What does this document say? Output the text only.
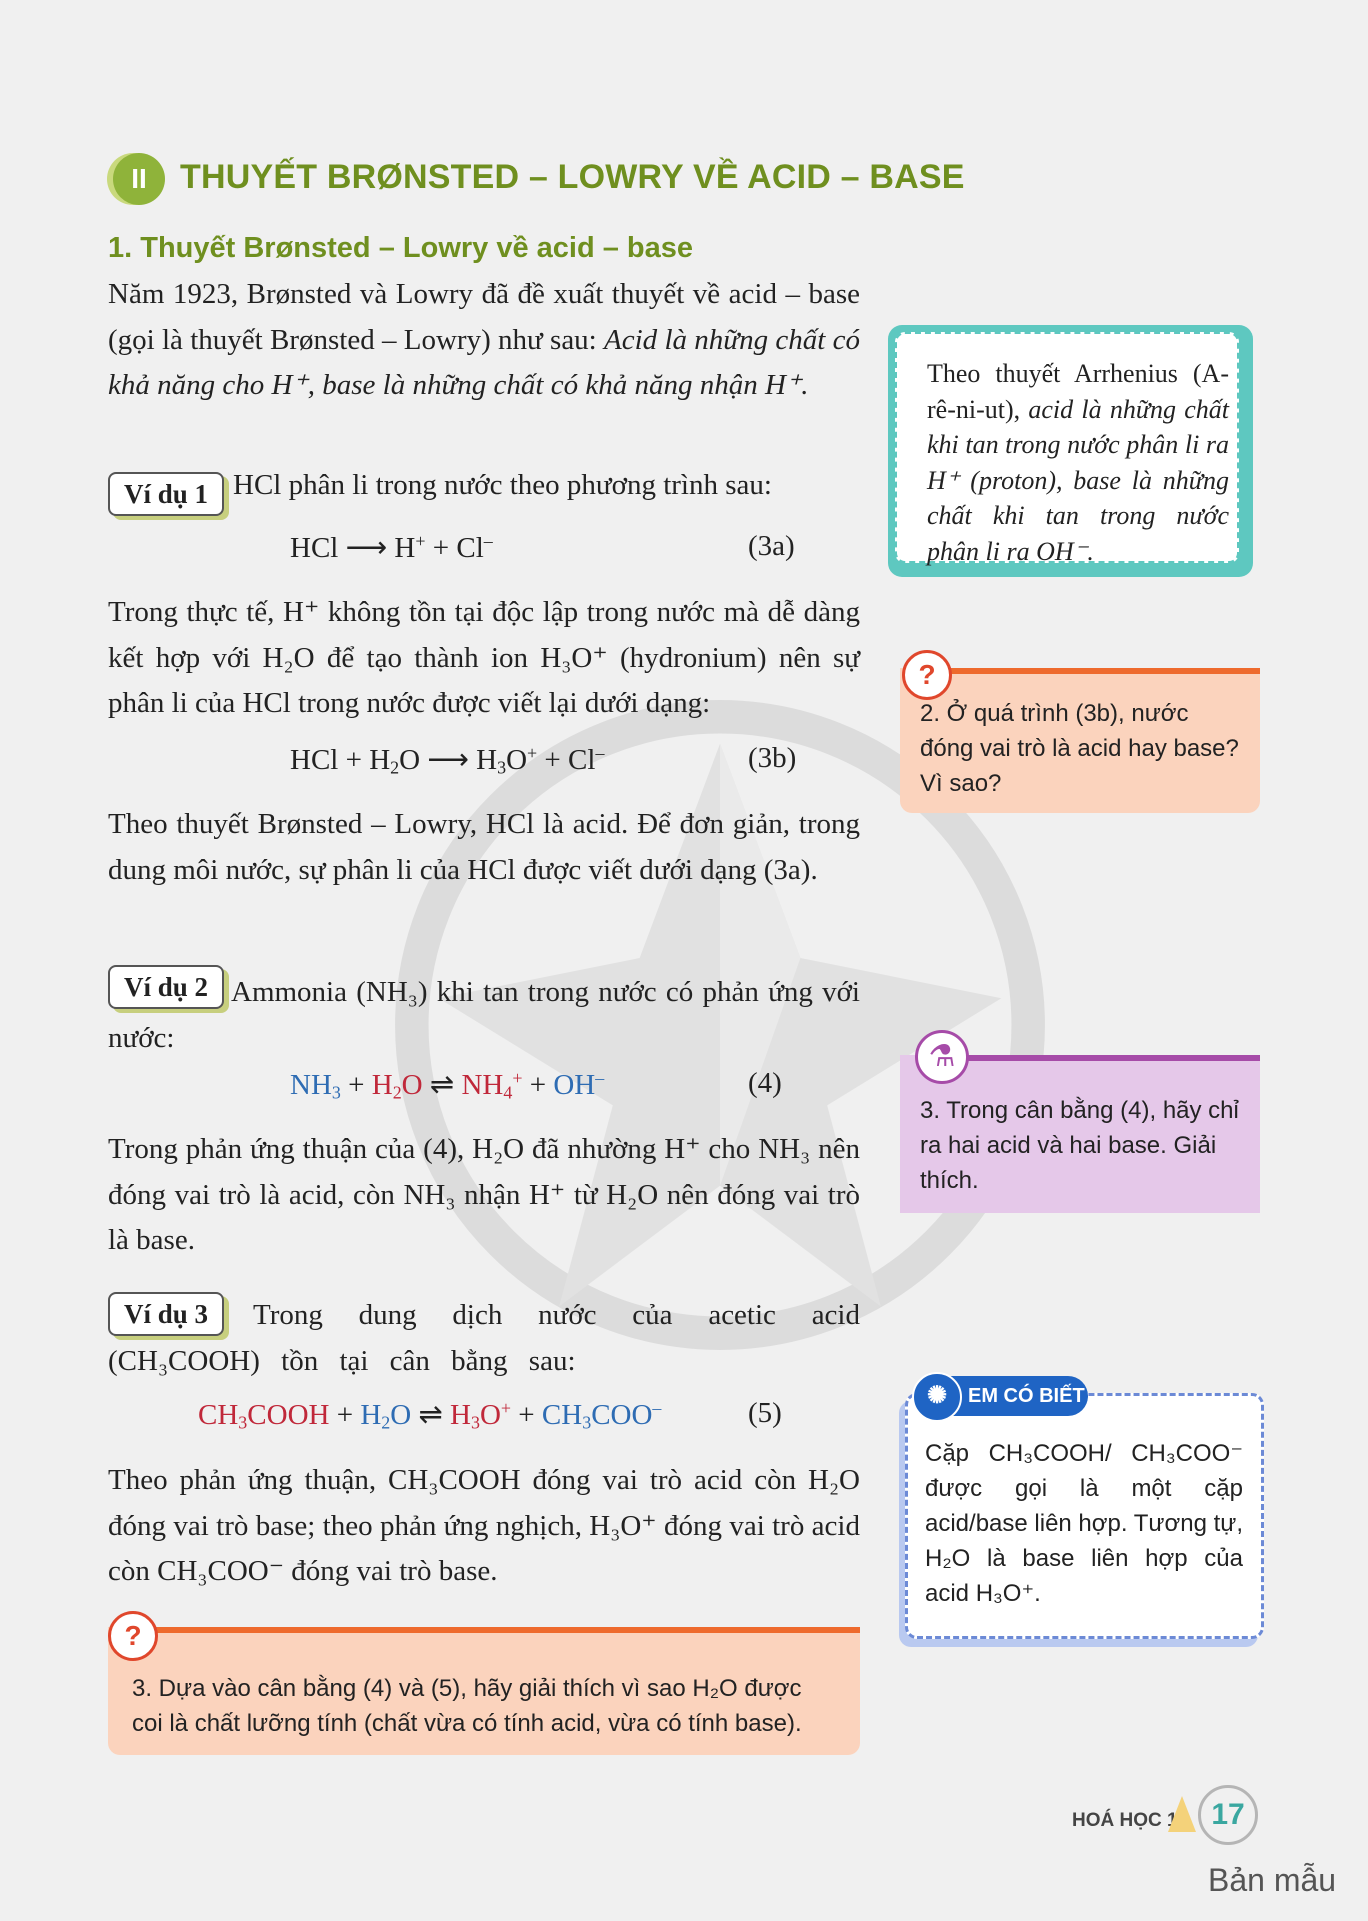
II THUYẾT BRØNSTED – LOWRY VỀ ACID – BASE
1. Thuyết Brønsted – Lowry về acid – base
Năm 1923, Brønsted và Lowry đã đề xuất thuyết về acid – base (gọi là thuyết Brønsted – Lowry) như sau: Acid là những chất có khả năng cho H⁺, base là những chất có khả năng nhận H⁺.
Ví dụ 1 HCl phân li trong nước theo phương trình sau:
HCl ⟶ H+ + Cl–	(3a)
Trong thực tế, H⁺ không tồn tại độc lập trong nước mà dễ dàng kết hợp với H₂O để tạo thành ion H₃O⁺ (hydronium) nên sự phân li của HCl trong nước được viết lại dưới dạng:
HCl + $H_2O$ ⟶ $H_3O^+ + Cl^-$	(3b)
Theo thuyết Brønsted – Lowry, HCl là acid. Để đơn giản, trong dung môi nước, sự phân li của HCl được viết dưới dạng (3a).
Ví dụ 2 Ammonia (NH₃) khi tan trong nước có phản ứng với nước:
$NH_3 + H_2O$ ⇌ $NH_4^+ + OH^-$	(4)
Trong phản ứng thuận của (4), H₂O đã nhường H⁺ cho NH₃ nên đóng vai trò là acid, còn NH₃ nhận H⁺ từ H₂O nên đóng vai trò là base.
Ví dụ 3	Trong dung dịch nước của acetic acid (CH₃COOH) tồn tại cân bằng sau:
$CH_3COOH + H_2O$ ⇌ $H_3O^+ + CH_3COO^-$	(5)
Theo phản ứng thuận, CH₃COOH đóng vai trò acid còn H₂O đóng vai trò base; theo phản ứng nghịch, H₃O⁺ đóng vai trò acid còn CH₃COO⁻ đóng vai trò base.
3. Dựa vào cân bằng (4) và (5), hãy giải thích vì sao H₂O được coi là chất lưỡng tính (chất vừa có tính acid, vừa có tính base).
?
Theo thuyết Arrhenius (A-rê-ni-ut), acid là những chất khi tan trong nước phân li ra H⁺ (proton), base là những chất khi tan trong nước phân li ra OH⁻.
2. Ở quá trình (3b), nước đóng vai trò là acid hay base? Vì sao?
?
3. Trong cân bằng (4), hãy chỉ ra hai acid và hai base. Giải thích.
⚗
Cặp CH₃COOH/ CH₃COO⁻ được gọi là một cặp acid/base liên hợp. Tương tự, H₂O là base liên hợp của acid H₃O⁺.
✺	EM CÓ BIẾT
HOÁ HỌC 11 17
Bản mẫu
